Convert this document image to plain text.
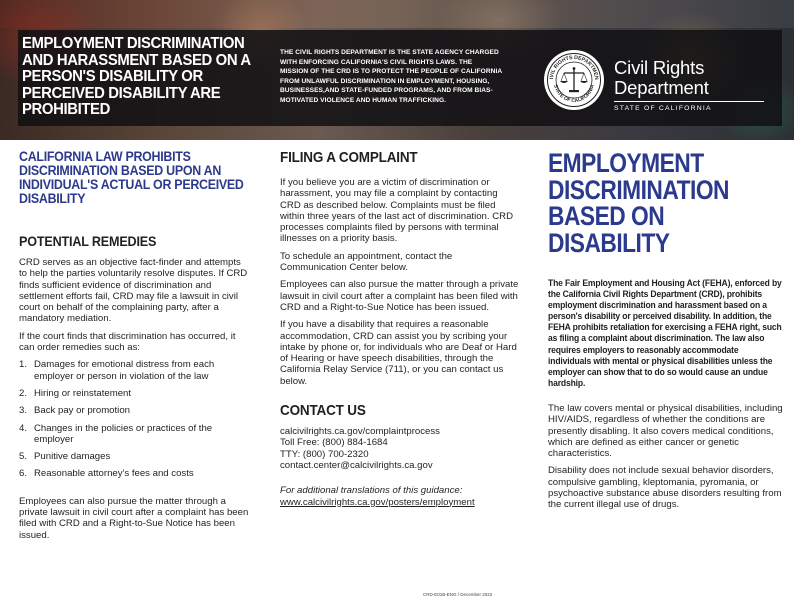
EMPLOYMENT DISCRIMINATION AND HARASSMENT BASED ON A PERSON'S DISABILITY OR PERCEIVED DISABILITY ARE PROHIBITED
THE CIVIL RIGHTS DEPARTMENT IS THE STATE AGENCY CHARGED WITH ENFORCING CALIFORNIA'S CIVIL RIGHTS LAWS. THE MISSION OF THE CRD IS TO PROTECT THE PEOPLE OF CALIFORNIA FROM UNLAWFUL DISCRIMINATION IN EMPLOYMENT, HOUSING, BUSINESSES,AND STATE-FUNDED PROGRAMS, AND FROM BIAS-MOTIVATED VIOLENCE AND HUMAN TRAFFICKING.
IVIL RIGHTS DEPARTMEN
STATE OF CALIFORNIA
Civil Rights
Department
STATE OF CALIFORNIA
CALIFORNIA LAW PROHIBITS DISCRIMINATION BASED UPON AN INDIVIDUAL'S ACTUAL OR PERCEIVED DISABILITY
POTENTIAL REMEDIES

CRD serves as an objective fact-finder and attempts to help the parties voluntarily resolve disputes. If CRD finds sufficient evidence of discrimination and settlement efforts fail, CRD may file a lawsuit in civil court on behalf of the complaining party, after a mandatory mediation.

If the court finds that discrimination has occurred, it can order remedies such as:

1. Damages for emotional distress from each employer or person in violation of the law
2. Hiring or reinstatement
3. Back pay or promotion
4. Changes in the policies or practices of the employer
5. Punitive damages
6. Reasonable attorney's fees and costs

Employees can also pursue the matter through a private lawsuit in civil court after a complaint has been filed with CRD and a Right-to-Sue Notice has been issued.

FILING A COMPLAINT

If you believe you are a victim of discrimination or harassment, you may file a complaint by contacting CRD as described below. Complaints must be filed within three years of the last act of discrimination. CRD processes complaints filed by persons with terminal illnesses on a priority basis.

To schedule an appointment, contact the Communication Center below.

Employees can also pursue the matter through a private lawsuit in civil court after a complaint has been filed with CRD and a Right-to-Sue Notice has been issued.

If you have a disability that requires a reasonable accommodation, CRD can assist you by scribing your intake by phone or, for individuals who are Deaf or Hard of Hearing or have speech disabilities, through the California Relay Service (711), or you can contact us below.

CONTACT US

calcivilrights.ca.gov/complaintprocess

Toll Free: (800) 884-1684

TTY: (800) 700-2320

contact.center@calcivilrights.ca.gov

For additional translations of this guidance:

www.calcivilrights.ca.gov/posters/employment

EMPLOYMENT DISCRIMINATION BASED ON DISABILITY

The Fair Employment and Housing Act (FEHA), enforced by the California Civil Rights Department (CRD), prohibits employment discrimination and harassment based on a person's disability or perceived disability. In addition, the FEHA prohibits retaliation for exercising a FEHA right, such as filing a complaint about discrimination. The law also requires employers to reasonably accommodate individuals with mental or physical disabilities unless the employer can show that to do so would cause an undue hardship.

The law covers mental or physical disabilities, including HIV/AIDS, regardless of whether the conditions are presently disabling. It also covers medical conditions, which are defined as either cancer or genetic characteristics.

Disability does not include sexual behavior disorders, compulsive gambling, kleptomania, pyromania, or psychoactive substance abuse disorders resulting from the current illegal use of drugs.

CRD-E01B-ENG / December 2022
